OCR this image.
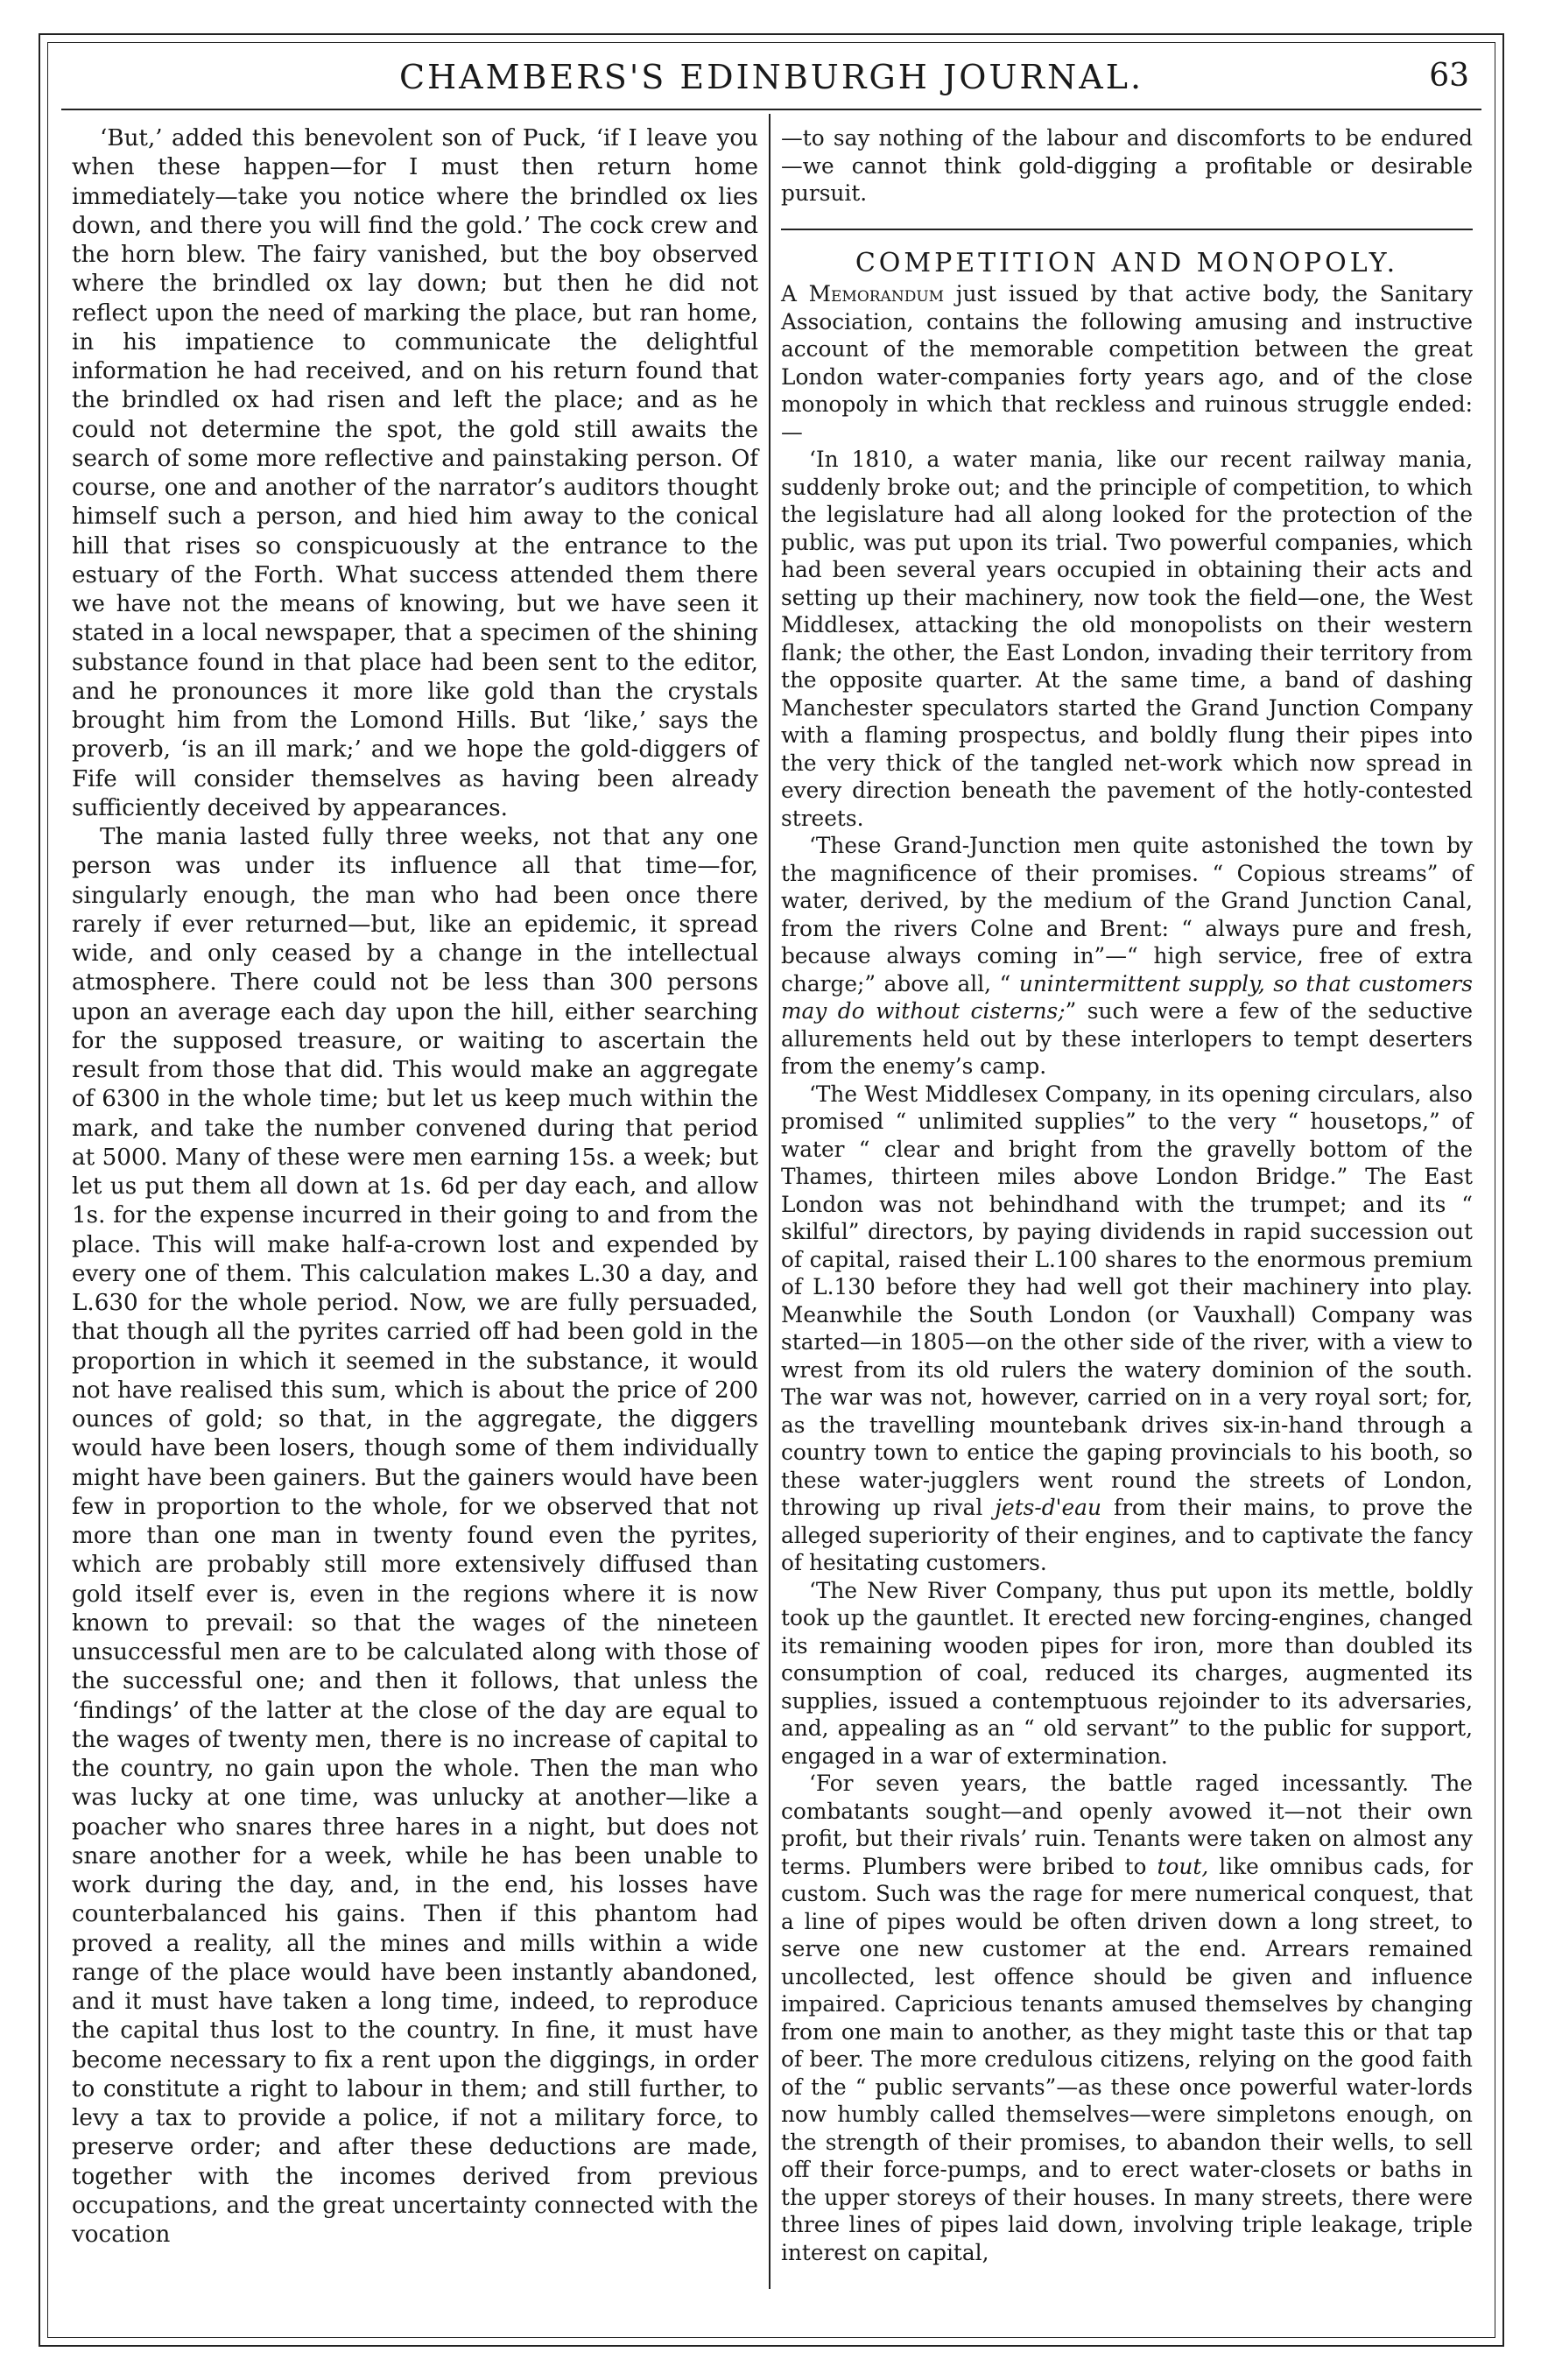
CHAMBERS'S EDINBURGH JOURNAL.	63

‘But,’ added this benevolent son of Puck, ‘if I leave you when these happen—for I must then return home immediately—take you notice where the brindled ox lies down, and there you will find the gold.’ The cock crew and the horn blew. The fairy vanished, but the boy observed where the brindled ox lay down; but then he did not reflect upon the need of marking the place, but ran home, in his impatience to communicate the delightful information he had received, and on his return found that the brindled ox had risen and left the place; and as he could not determine the spot, the gold still awaits the search of some more reflective and painstaking person. Of course, one and another of the narrator’s auditors thought himself such a person, and hied him away to the conical hill that rises so conspicuously at the entrance to the estuary of the Forth. What success attended them there we have not the means of knowing, but we have seen it stated in a local newspaper, that a specimen of the shining substance found in that place had been sent to the editor, and he pronounces it more like gold than the crystals brought him from the Lomond Hills. But ‘like,’ says the proverb, ‘is an ill mark;’ and we hope the gold-diggers of Fife will consider themselves as having been already sufficiently deceived by appearances.

The mania lasted fully three weeks, not that any one person was under its influence all that time—for, singularly enough, the man who had been once there rarely if ever returned—but, like an epidemic, it spread wide, and only ceased by a change in the intellectual atmosphere. There could not be less than 300 persons upon an average each day upon the hill, either searching for the supposed treasure, or waiting to ascertain the result from those that did. This would make an aggregate of 6300 in the whole time; but let us keep much within the mark, and take the number convened during that period at 5000. Many of these were men earning 15s. a week; but let us put them all down at 1s. 6d per day each, and allow 1s. for the expense incurred in their going to and from the place. This will make half-a-crown lost and expended by every one of them. This calculation makes L.30 a day, and L.630 for the whole period. Now, we are fully persuaded, that though all the pyrites carried off had been gold in the proportion in which it seemed in the substance, it would not have realised this sum, which is about the price of 200 ounces of gold; so that, in the aggregate, the diggers would have been losers, though some of them individually might have been gainers. But the gainers would have been few in proportion to the whole, for we observed that not more than one man in twenty found even the pyrites, which are probably still more extensively diffused than gold itself ever is, even in the regions where it is now known to prevail: so that the wages of the nineteen unsuccessful men are to be calculated along with those of the successful one; and then it follows, that unless the ‘findings’ of the latter at the close of the day are equal to the wages of twenty men, there is no increase of capital to the country, no gain upon the whole. Then the man who was lucky at one time, was unlucky at another—like a poacher who snares three hares in a night, but does not snare another for a week, while he has been unable to work during the day, and, in the end, his losses have counterbalanced his gains. Then if this phantom had proved a reality, all the mines and mills within a wide range of the place would have been instantly abandoned, and it must have taken a long time, indeed, to reproduce the capital thus lost to the country. In fine, it must have become necessary to fix a rent upon the diggings, in order to constitute a right to labour in them; and still further, to levy a tax to provide a police, if not a military force, to preserve order; and after these deductions are made, together with the incomes derived from previous occupations, and the great uncertainty connected with the vocation

—to say nothing of the labour and discomforts to be endured—we cannot think gold-digging a profitable or desirable pursuit.

COMPETITION AND MONOPOLY.

A Memorandum just issued by that active body, the Sanitary Association, contains the following amusing and instructive account of the memorable competition between the great London water-companies forty years ago, and of the close monopoly in which that reckless and ruinous struggle ended:—

‘In 1810, a water mania, like our recent railway mania, suddenly broke out; and the principle of competition, to which the legislature had all along looked for the protection of the public, was put upon its trial. Two powerful companies, which had been several years occupied in obtaining their acts and setting up their machinery, now took the field—one, the West Middlesex, attacking the old monopolists on their western flank; the other, the East London, invading their territory from the opposite quarter. At the same time, a band of dashing Manchester speculators started the Grand Junction Company with a flaming prospectus, and boldly flung their pipes into the very thick of the tangled net-work which now spread in every direction beneath the pavement of the hotly-contested streets.

‘These Grand-Junction men quite astonished the town by the magnificence of their promises. “ Copious streams” of water, derived, by the medium of the Grand Junction Canal, from the rivers Colne and Brent: “ always pure and fresh, because always coming in”—“ high service, free of extra charge;” above all, “ unintermittent supply, so that customers may do without cisterns;” such were a few of the seductive allurements held out by these interlopers to tempt deserters from the enemy’s camp.

‘The West Middlesex Company, in its opening circulars, also promised “ unlimited supplies” to the very “ housetops,” of water “ clear and bright from the gravelly bottom of the Thames, thirteen miles above London Bridge.” The East London was not behindhand with the trumpet; and its “ skilful” directors, by paying dividends in rapid succession out of capital, raised their L.100 shares to the enormous premium of L.130 before they had well got their machinery into play. Meanwhile the South London (or Vauxhall) Company was started—in 1805—on the other side of the river, with a view to wrest from its old rulers the watery dominion of the south. The war was not, however, carried on in a very royal sort; for, as the travelling mountebank drives six-in-hand through a country town to entice the gaping provincials to his booth, so these water-jugglers went round the streets of London, throwing up rival jets-d'eau from their mains, to prove the alleged superiority of their engines, and to captivate the fancy of hesitating customers.

‘The New River Company, thus put upon its mettle, boldly took up the gauntlet. It erected new forcing-engines, changed its remaining wooden pipes for iron, more than doubled its consumption of coal, reduced its charges, augmented its supplies, issued a contemptuous rejoinder to its adversaries, and, appealing as an “ old servant” to the public for support, engaged in a war of extermination.

‘For seven years, the battle raged incessantly. The combatants sought—and openly avowed it—not their own profit, but their rivals’ ruin. Tenants were taken on almost any terms. Plumbers were bribed to tout, like omnibus cads, for custom. Such was the rage for mere numerical conquest, that a line of pipes would be often driven down a long street, to serve one new customer at the end. Arrears remained uncollected, lest offence should be given and influence impaired. Capricious tenants amused themselves by changing from one main to another, as they might taste this or that tap of beer. The more credulous citizens, relying on the good faith of the “ public servants”—as these once powerful water-lords now humbly called themselves—were simpletons enough, on the strength of their promises, to abandon their wells, to sell off their force-pumps, and to erect water-closets or baths in the upper storeys of their houses. In many streets, there were three lines of pipes laid down, involving triple leakage, triple interest on capital,
